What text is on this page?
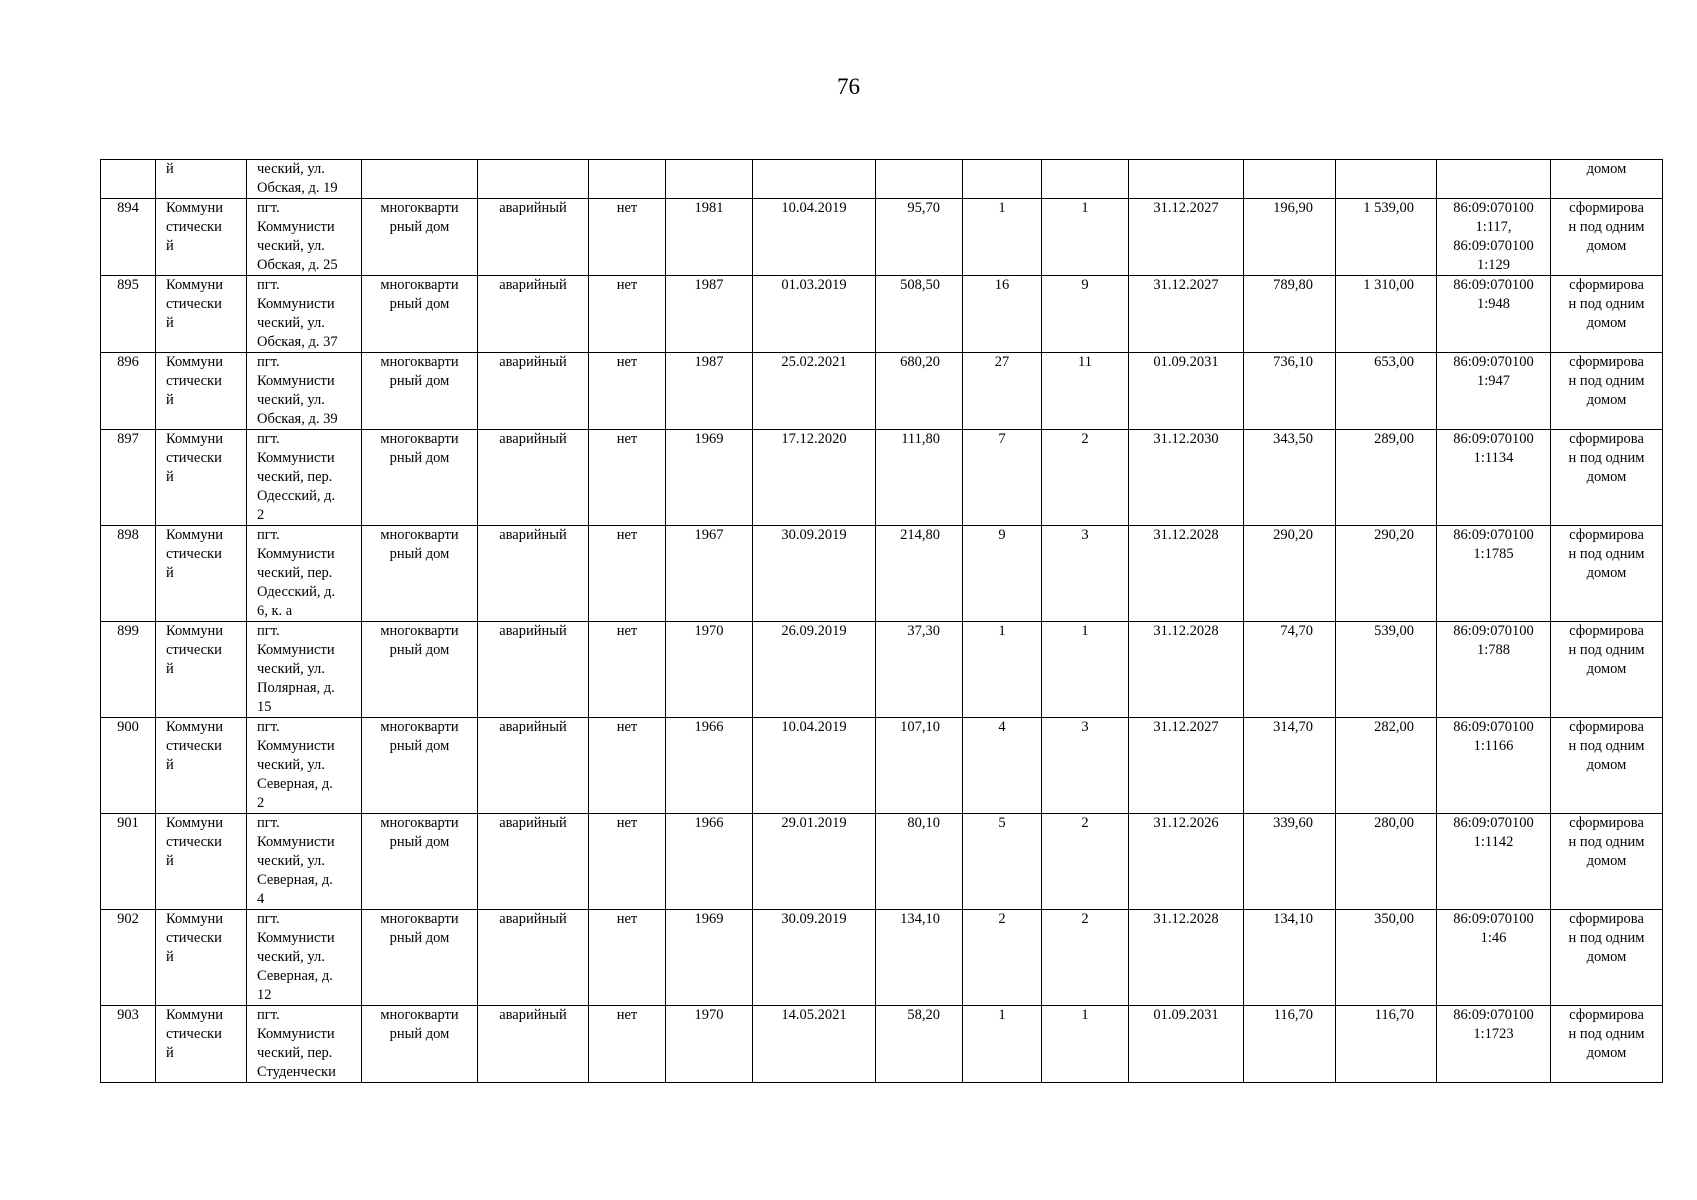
76

	й	ческий, ул.
Обская, д. 19													домом

894	Коммуни
стически
й	пгт.
Коммунисти
ческий, ул.
Обская, д. 25	многокварти
рный дом	аварийный	нет	1981	10.04.2019	95,70	1	1	31.12.2027	196,90	1 539,00	86:09:070100
1:117,
86:09:070100
1:129	сформирова
н под одним
домом

895	Коммуни
стически
й	пгт.
Коммунисти
ческий, ул.
Обская, д. 37	многокварти
рный дом	аварийный	нет	1987	01.03.2019	508,50	16	9	31.12.2027	789,80	1 310,00	86:09:070100
1:948	сформирова
н под одним
домом

896	Коммуни
стически
й	пгт.
Коммунисти
ческий, ул.
Обская, д. 39	многокварти
рный дом	аварийный	нет	1987	25.02.2021	680,20	27	11	01.09.2031	736,10	653,00	86:09:070100
1:947	сформирова
н под одним
домом

897	Коммуни
стически
й	пгт.
Коммунисти
ческий, пер.
Одесский, д.
2	многокварти
рный дом	аварийный	нет	1969	17.12.2020	111,80	7	2	31.12.2030	343,50	289,00	86:09:070100
1:1134	сформирова
н под одним
домом

898	Коммуни
стически
й	пгт.
Коммунисти
ческий, пер.
Одесский, д.
6, к. а	многокварти
рный дом	аварийный	нет	1967	30.09.2019	214,80	9	3	31.12.2028	290,20	290,20	86:09:070100
1:1785	сформирова
н под одним
домом

899	Коммуни
стически
й	пгт.
Коммунисти
ческий, ул.
Полярная, д.
15	многокварти
рный дом	аварийный	нет	1970	26.09.2019	37,30	1	1	31.12.2028	74,70	539,00	86:09:070100
1:788	сформирова
н под одним
домом

900	Коммуни
стически
й	пгт.
Коммунисти
ческий, ул.
Северная, д.
2	многокварти
рный дом	аварийный	нет	1966	10.04.2019	107,10	4	3	31.12.2027	314,70	282,00	86:09:070100
1:1166	сформирова
н под одним
домом

901	Коммуни
стически
й	пгт.
Коммунисти
ческий, ул.
Северная, д.
4	многокварти
рный дом	аварийный	нет	1966	29.01.2019	80,10	5	2	31.12.2026	339,60	280,00	86:09:070100
1:1142	сформирова
н под одним
домом

902	Коммуни
стически
й	пгт.
Коммунисти
ческий, ул.
Северная, д.
12	многокварти
рный дом	аварийный	нет	1969	30.09.2019	134,10	2	2	31.12.2028	134,10	350,00	86:09:070100
1:46	сформирова
н под одним
домом

903	Коммуни
стически
й	пгт.
Коммунисти
ческий, пер.
Студенчески	многокварти
рный дом	аварийный	нет	1970	14.05.2021	58,20	1	1	01.09.2031	116,70	116,70	86:09:070100
1:1723	сформирова
н под одним
домом
